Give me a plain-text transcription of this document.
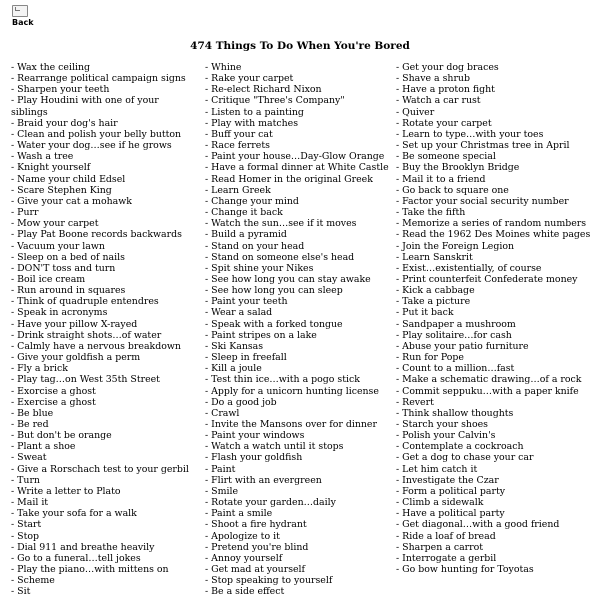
Back
474 Things To Do When You're Bored
- Wax the ceiling
- Rearrange political campaign signs
- Sharpen your teeth
- Play Houdini with one of your siblings
- Braid your dog's hair
- Clean and polish your belly button
- Water your dog…see if he grows
- Wash a tree
- Knight yourself
- Name your child Edsel
- Scare Stephen King
- Give your cat a mohawk
- Purr
- Mow your carpet
- Play Pat Boone records backwards
- Vacuum your lawn
- Sleep on a bed of nails
- DON'T toss and turn
- Boil ice cream
- Run around in squares
- Think of quadruple entendres
- Speak in acronyms
- Have your pillow X-rayed
- Drink straight shots…of water
- Calmly have a nervous breakdown
- Give your goldfish a perm
- Fly a brick
- Play tag…on West 35th Street
- Exorcise a ghost
- Exercise a ghost
- Be blue
- Be red
- But don't be orange
- Plant a shoe
- Sweat
- Give a Rorschach test to your gerbil
- Turn
- Write a letter to Plato
- Mail it
- Take your sofa for a walk
- Start
- Stop
- Dial 911 and breathe heavily
- Go to a funeral…tell jokes
- Play the piano…with mittens on
- Scheme
- Sit
- Whine
- Rake your carpet
- Re-elect Richard Nixon
- Critique "Three's Company"
- Listen to a painting
- Play with matches
- Buff your cat
- Race ferrets
- Paint your house…Day-Glow Orange
- Have a formal dinner at White Castle
- Read Homer in the original Greek
- Learn Greek
- Change your mind
- Change it back
- Watch the sun…see if it moves
- Build a pyramid
- Stand on your head
- Stand on someone else's head
- Spit shine your Nikes
- See how long you can stay awake
- See how long you can sleep
- Paint your teeth
- Wear a salad
- Speak with a forked tongue
- Paint stripes on a lake
- Ski Kansas
- Sleep in freefall
- Kill a joule
- Test thin ice…with a pogo stick
- Apply for a unicorn hunting license
- Do a good job
- Crawl
- Invite the Mansons over for dinner
- Paint your windows
- Watch a watch until it stops
- Flash your goldfish
- Paint
- Flirt with an evergreen
- Smile
- Rotate your garden…daily
- Paint a smile
- Shoot a fire hydrant
- Apologize to it
- Pretend you're blind
- Annoy yourself
- Get mad at yourself
- Stop speaking to yourself
- Be a side effect
- Get your dog braces
- Shave a shrub
- Have a proton fight
- Watch a car rust
- Quiver
- Rotate your carpet
- Learn to type…with your toes
- Set up your Christmas tree in April
- Be someone special
- Buy the Brooklyn Bridge
- Mail it to a friend
- Go back to square one
- Factor your social security number
- Take the fifth
- Memorize a series of random numbers
- Read the 1962 Des Moines white pages
- Join the Foreign Legion
- Learn Sanskrit
- Exist…existentially, of course
- Print counterfeit Confederate money
- Kick a cabbage
- Take a picture
- Put it back
- Sandpaper a mushroom
- Play solitaire…for cash
- Abuse your patio furniture
- Run for Pope
- Count to a million…fast
- Make a schematic drawing…of a rock
- Commit seppuku…with a paper knife
- Revert
- Think shallow thoughts
- Starch your shoes
- Polish your Calvin's
- Contemplate a cockroach
- Get a dog to chase your car
- Let him catch it
- Investigate the Czar
- Form a political party
- Climb a sidewalk
- Have a political party
- Get diagonal…with a good friend
- Ride a loaf of bread
- Sharpen a carrot
- Interrogate a gerbil
- Go bow hunting for Toyotas
